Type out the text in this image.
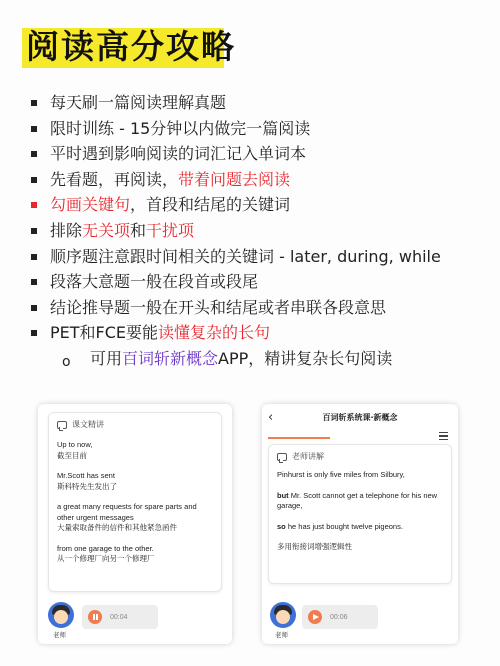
阅读高分攻略
每天刷一篇阅读理解真题
限时训练 - 15分钟以内做完一篇阅读
平时遇到影响阅读的词汇记入单词本
先看题，再阅读，带着问题去阅读
勾画关键句，首段和结尾的关键词
排除无关项和干扰项
顺序题注意跟时间相关的关键词 - later, during, while
段落大意题一般在段首或段尾
结论推导题一般在开头和结尾或者串联各段意思
PET和FCE要能读懂复杂的长句
o 可用百词斩新概念APP，精讲复杂长句阅读
课文精讲
Up to now,
截至目前
Mr.Scott has sent
斯科特先生发出了
a great many requests for spare parts and
other urgent messages
大量索取备件的信件和其他紧急函件
from one garage to the other.
从一个修理厂向另一个修理厂
老师
00:04
‹	百词斩系统课·新概念
老师讲解
Pinhurst is only five miles from Silbury,
but Mr. Scott cannot get a telephone for his new garage,
so he has just bought twelve pigeons.
多用衔接词增强逻辑性
老师
00:06
